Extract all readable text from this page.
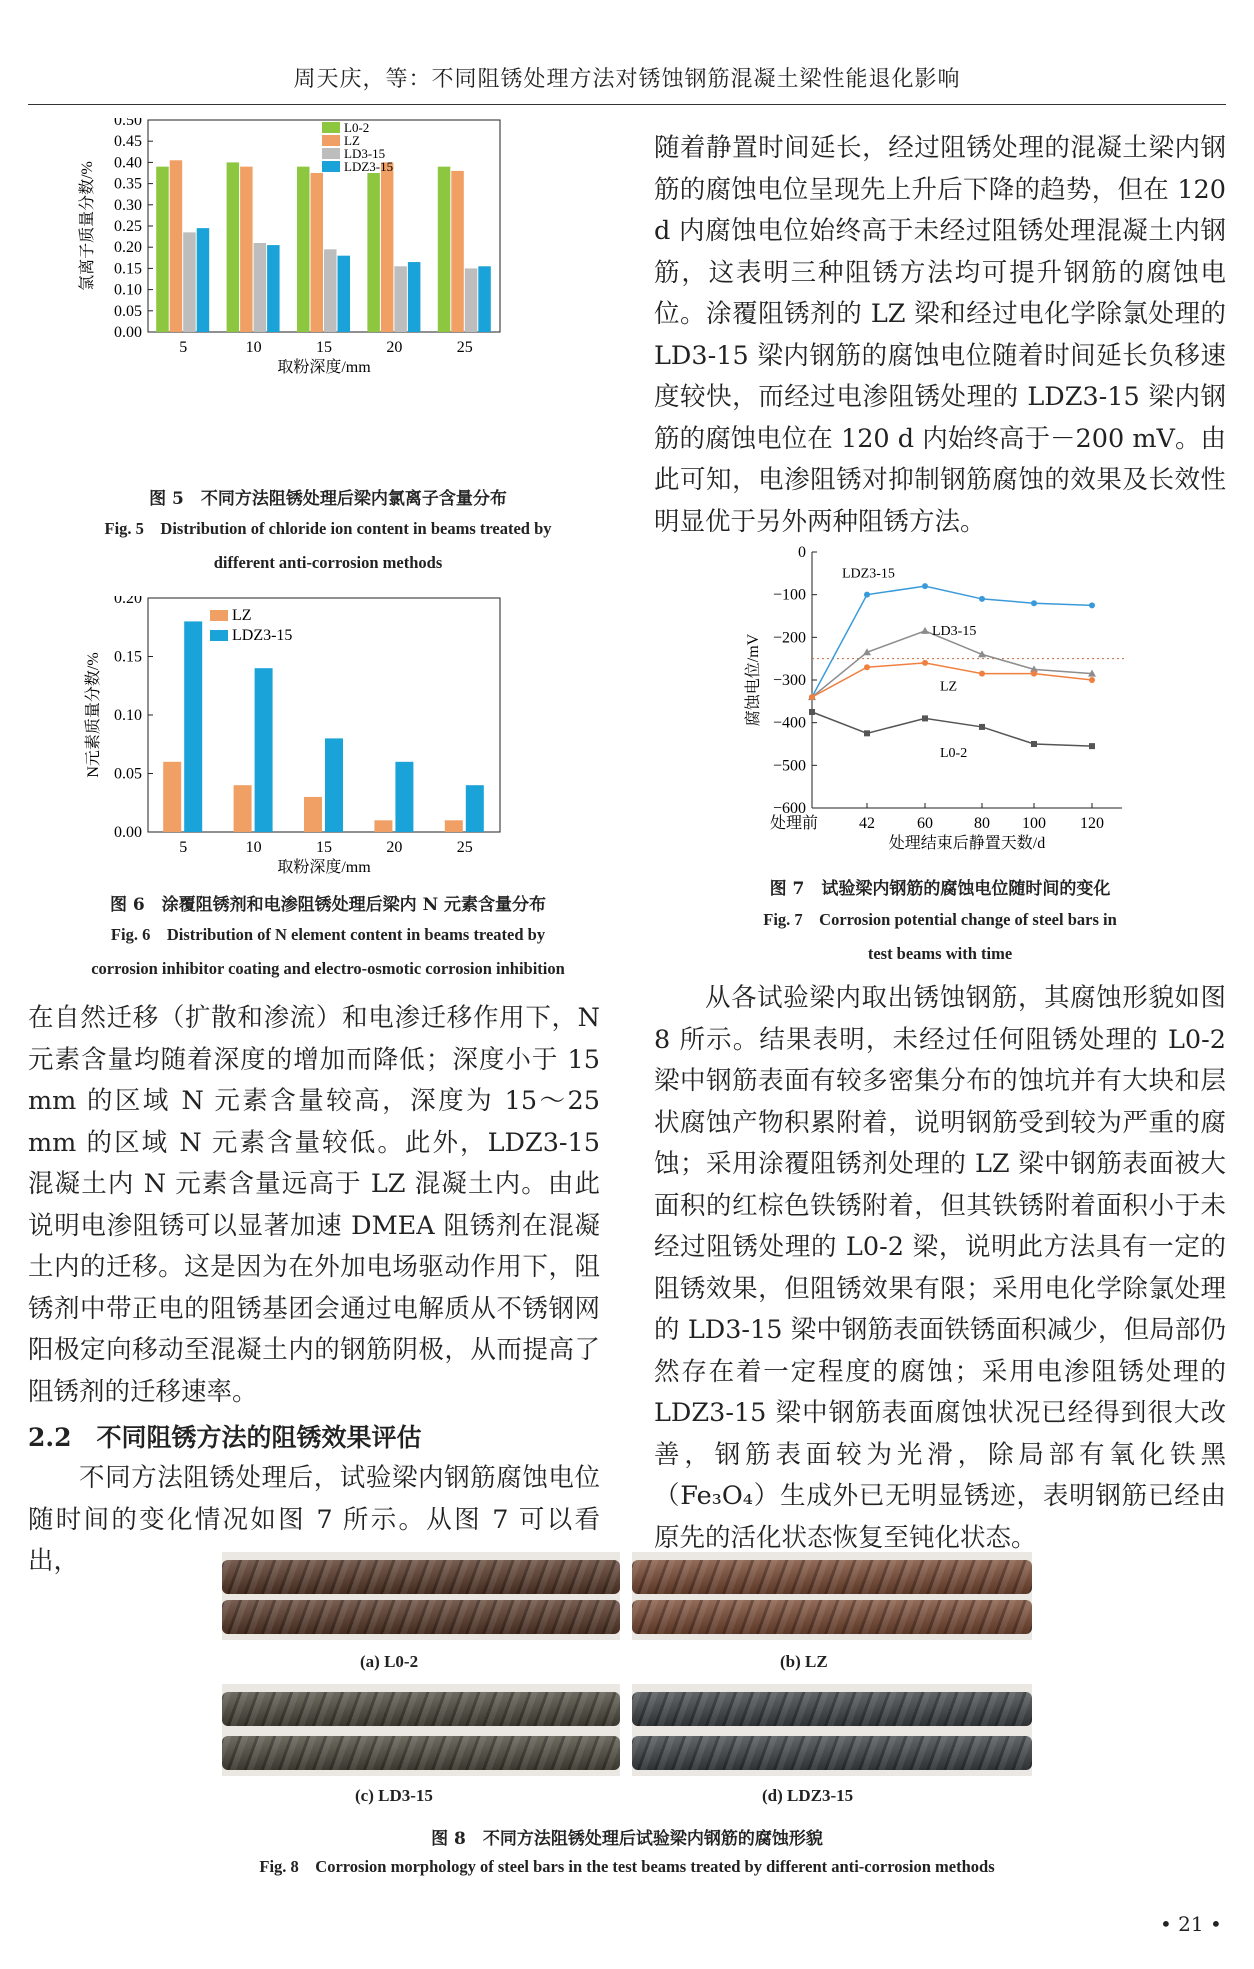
周天庆，等：不同阻锈处理方法对锈蚀钢筋混凝土梁性能退化影响
0.00
0.05
0.10
0.15
0.20
0.25
0.30
0.35
0.40
0.45
0.50
5	10	15	20	25
取粉深度/mm
氯离子质量分数/%
L0-2
LZ
LD3-15
LDZ3-15
图 5　不同方法阻锈处理后梁内氯离子含量分布
Fig. 5　Distribution of chloride ion content in beams treated by
different anti-corrosion methods
0.00
0.05
0.10
0.15
0.20
5	10	15	20	25
取粉深度/mm
N元素质量分数/%
LZ
LDZ3-15
图 6　涂覆阻锈剂和电渗阻锈处理后梁内 N 元素含量分布
Fig. 6　Distribution of N element content in beams treated by
corrosion inhibitor coating and electro-osmotic corrosion inhibition

在自然迁移（扩散和渗流）和电渗迁移作用下，N 元素含量均随着深度的增加而降低；深度小于 15 mm 的区域 N 元素含量较高，深度为 15～25 mm 的区域 N 元素含量较低。此外，LDZ3-15 混凝土内 N 元素含量远高于 LZ 混凝土内。由此说明电渗阻锈可以显著加速 DMEA 阻锈剂在混凝土内的迁移。这是因为在外加电场驱动作用下，阻锈剂中带正电的阻锈基团会通过电解质从不锈钢网阳极定向移动至混凝土内的钢筋阴极，从而提高了阻锈剂的迁移速率。

2.2　不同阻锈方法的阻锈效果评估

不同方法阻锈处理后，试验梁内钢筋腐蚀电位随时间的变化情况如图 7 所示。从图 7 可以看出，

随着静置时间延长，经过阻锈处理的混凝土梁内钢筋的腐蚀电位呈现先上升后下降的趋势，但在 120 d 内腐蚀电位始终高于未经过阻锈处理混凝土内钢筋，这表明三种阻锈方法均可提升钢筋的腐蚀电位。涂覆阻锈剂的 LZ 梁和经过电化学除氯处理的 LD3-15 梁内钢筋的腐蚀电位随着时间延长负移速度较快，而经过电渗阻锈处理的 LDZ3-15 梁内钢筋的腐蚀电位在 120 d 内始终高于－200 mV。由此可知，电渗阻锈对抑制钢筋腐蚀的效果及长效性明显优于另外两种阻锈方法。

−600
−500
−400
−300
−200
−100
0
处理前	42	60	80 100 120
LDZ3-15
LD3-15
LZ
L0-2
处理结束后静置天数/d
腐蚀电位/mV
图 7　试验梁内钢筋的腐蚀电位随时间的变化
Fig. 7　Corrosion potential change of steel bars in
test beams with time

从各试验梁内取出锈蚀钢筋，其腐蚀形貌如图 8 所示。结果表明，未经过任何阻锈处理的 L0-2 梁中钢筋表面有较多密集分布的蚀坑并有大块和层状腐蚀产物积累附着，说明钢筋受到较为严重的腐蚀；采用涂覆阻锈剂处理的 LZ 梁中钢筋表面被大面积的红棕色铁锈附着，但其铁锈附着面积小于未经过阻锈处理的 L0-2 梁，说明此方法具有一定的阻锈效果，但阻锈效果有限；采用电化学除氯处理的 LD3-15 梁中钢筋表面铁锈面积减少，但局部仍然存在着一定程度的腐蚀；采用电渗阻锈处理的 LDZ3-15 梁中钢筋表面腐蚀状况已经得到很大改善，钢筋表面较为光滑，除局部有氧化铁黑（Fe₃O₄）生成外已无明显锈迹，表明钢筋已经由原先的活化状态恢复至钝化状态。

(a) L0-2	(b) LZ
(c) LD3-15	(d) LDZ3-15
图 8　不同方法阻锈处理后试验梁内钢筋的腐蚀形貌
Fig. 8　Corrosion morphology of steel bars in the test beams treated by different anti-corrosion methods
• 21 •
